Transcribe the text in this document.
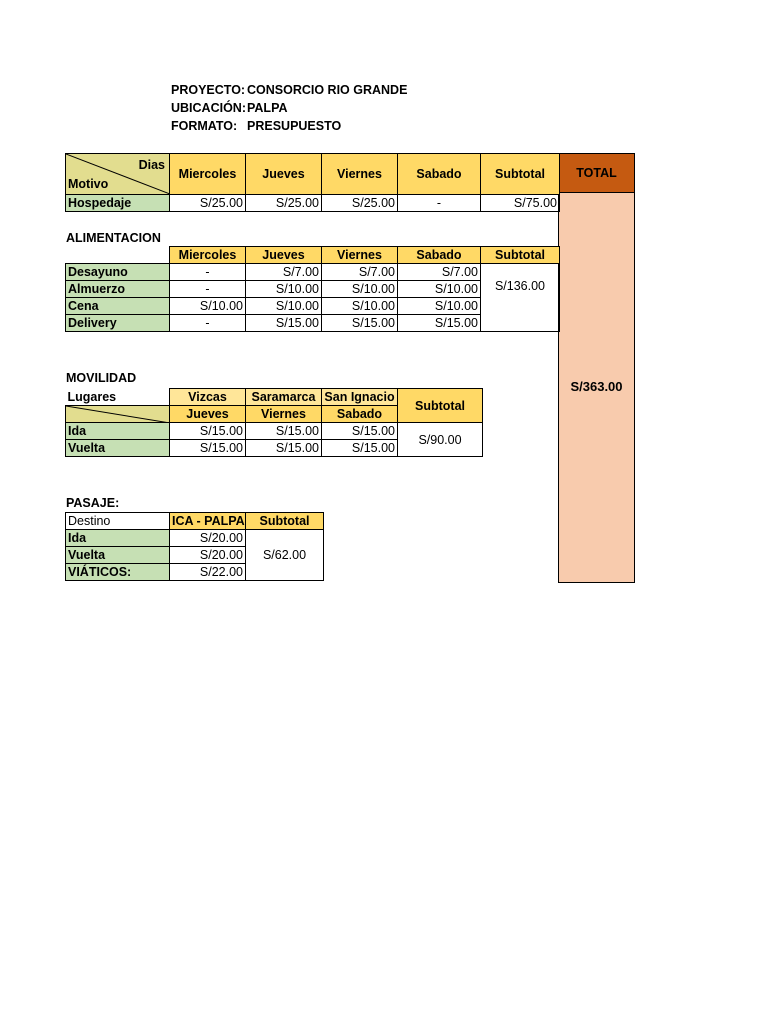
PROYECTO: CONSORCIO RIO GRANDE
UBICACIÓN:PALPA
FORMATO: PRESUPUESTO
TOTAL
S/363.00
Dias
Motivo	Miercoles	Jueves	Viernes	Sabado	Subtotal
Hospedaje	S/25.00	S/25.00	S/25.00	-	S/75.00
ALIMENTACION
	Miercoles	Jueves	Viernes	Sabado	Subtotal
Desayuno	-	S/7.00	S/7.00	S/7.00	S/136.00
Almuerzo	-	S/10.00	S/10.00	S/10.00	
Cena	S/10.00	S/10.00	S/10.00	S/10.00	
Delivery	-	S/15.00	S/15.00	S/15.00	
MOVILIDAD
Lugares	Vizcas	Saramarca	San Ignacio	Subtotal

	Jueves	Viernes	Sabado	
Ida	S/15.00	S/15.00	S/15.00	S/90.00
Vuelta	S/15.00	S/15.00	S/15.00	
PASAJE:
Destino	ICA - PALPA	Subtotal
Ida	S/20.00	S/62.00
Vuelta	S/20.00	
VIÁTICOS:	S/22.00	
